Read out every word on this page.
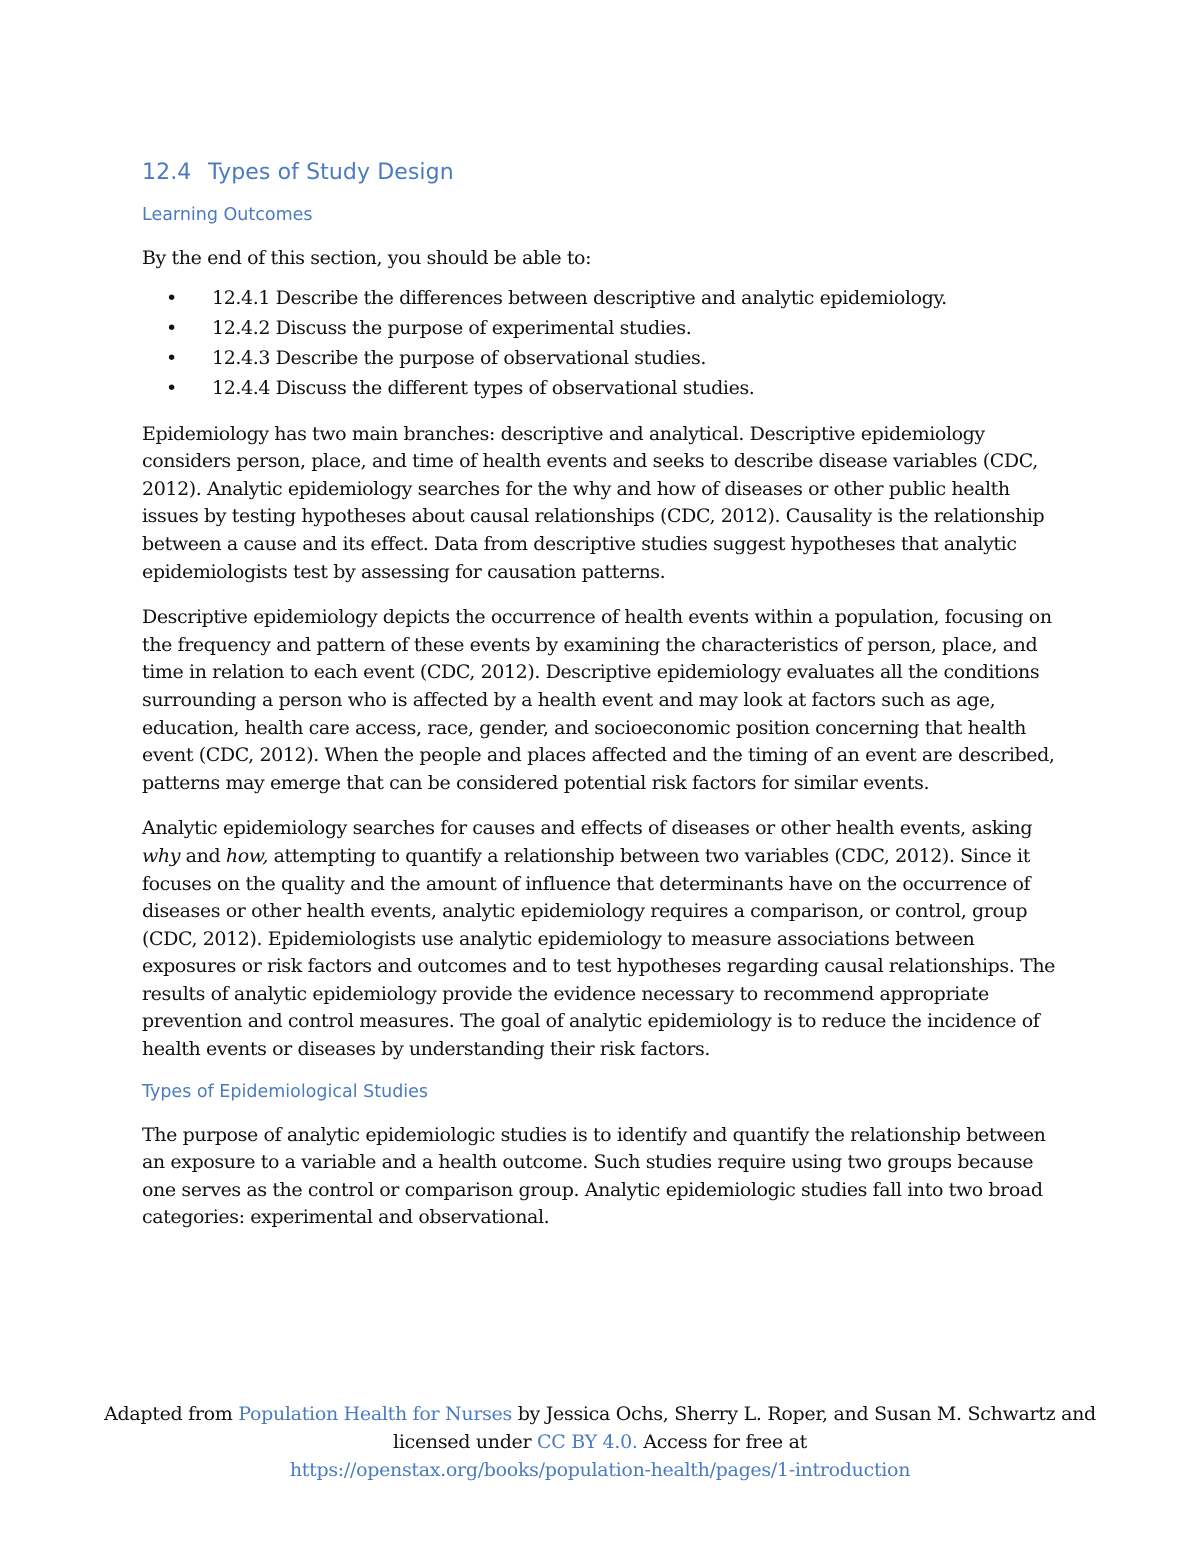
12.4 Types of Study Design
Learning Outcomes

By the end of this section, you should be able to:

• 12.4.1 Describe the differences between descriptive and analytic epidemiology.
• 12.4.2 Discuss the purpose of experimental studies.
• 12.4.3 Describe the purpose of observational studies.
• 12.4.4 Discuss the different types of observational studies.

Epidemiology has two main branches: descriptive and analytical. Descriptive epidemiology considers person, place, and time of health events and seeks to describe disease variables (CDC, 2012). Analytic epidemiology searches for the why and how of diseases or other public health issues by testing hypotheses about causal relationships (CDC, 2012). Causality is the relationship between a cause and its effect. Data from descriptive studies suggest hypotheses that analytic epidemiologists test by assessing for causation patterns.

Descriptive epidemiology depicts the occurrence of health events within a population, focusing on the frequency and pattern of these events by examining the characteristics of person, place, and time in relation to each event (CDC, 2012). Descriptive epidemiology evaluates all the conditions surrounding a person who is affected by a health event and may look at factors such as age, education, health care access, race, gender, and socioeconomic position concerning that health event (CDC, 2012). When the people and places affected and the timing of an event are described, patterns may emerge that can be considered potential risk factors for similar events.

Analytic epidemiology searches for causes and effects of diseases or other health events, asking why and how, attempting to quantify a relationship between two variables (CDC, 2012). Since it focuses on the quality and the amount of influence that determinants have on the occurrence of diseases or other health events, analytic epidemiology requires a comparison, or control, group (CDC, 2012). Epidemiologists use analytic epidemiology to measure associations between exposures or risk factors and outcomes and to test hypotheses regarding causal relationships. The results of analytic epidemiology provide the evidence necessary to recommend appropriate prevention and control measures. The goal of analytic epidemiology is to reduce the incidence of health events or diseases by understanding their risk factors.

Types of Epidemiological Studies

The purpose of analytic epidemiologic studies is to identify and quantify the relationship between an exposure to a variable and a health outcome. Such studies require using two groups because one serves as the control or comparison group. Analytic epidemiologic studies fall into two broad categories: experimental and observational.

Adapted from Population Health for Nurses by Jessica Ochs, Sherry L. Roper, and Susan M. Schwartz and licensed under CC BY 4.0. Access for free at
https://openstax.org/books/population-health/pages/1-introduction
